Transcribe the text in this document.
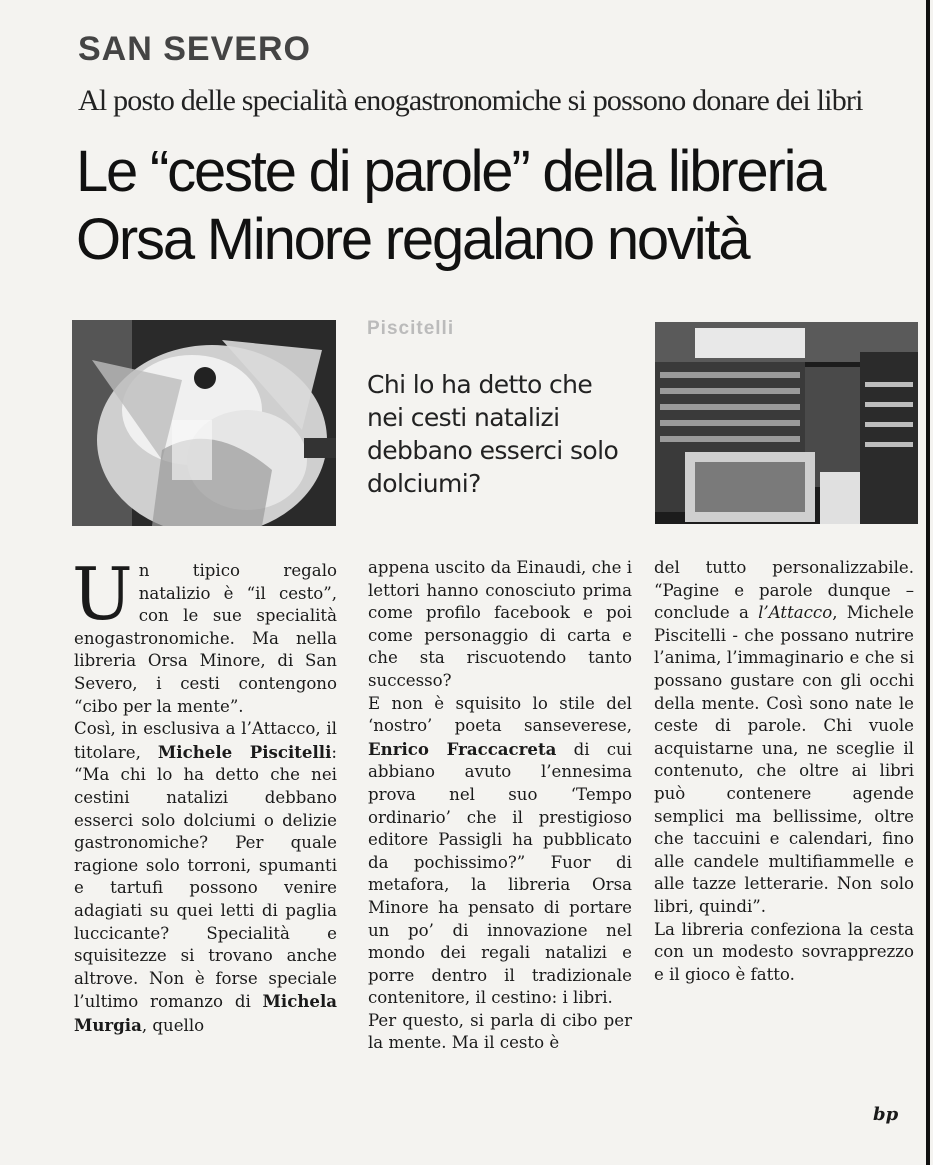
SAN SEVERO
Al posto delle specialità enogastronomiche si possono donare dei libri
Le “ceste di parole” della libreria
Orsa Minore regalano novità
Piscitelli
Chi lo ha detto che nei cesti natalizi debbano esserci solo dolciumi?

Un tipico regalo natalizio è “il cesto”, con le sue specialità enogastronomiche. Ma nella libreria Orsa Minore, di San Severo, i cesti contengono “cibo per la mente”.

Così, in esclusiva a l’Attacco, il titolare, Michele Piscitelli: “Ma chi lo ha detto che nei cestini natalizi debbano esserci solo dolciumi o delizie gastronomiche? Per quale ragione solo torroni, spumanti e tartufi possono venire adagiati su quei letti di paglia luccicante? Specialità e squisitezze si trovano anche altrove. Non è forse speciale l’ultimo romanzo di Michela Murgia, quello

appena uscito da Einaudi, che i lettori hanno conosciuto prima come profilo facebook e poi come personaggio di carta e che sta riscuotendo tanto successo?

E non è squisito lo stile del ‘nostro’ poeta sanseverese, Enrico Fraccacreta di cui abbiano avuto l’ennesima prova nel suo ‘Tempo ordinario’ che il prestigioso editore Passigli ha pubblicato da pochissimo?” Fuor di metafora, la libreria Orsa Minore ha pensato di portare un po’ di innovazione nel mondo dei regali natalizi e porre dentro il tradizionale contenitore, il cestino: i libri.

Per questo, si parla di cibo per la mente. Ma il cesto è

del tutto personalizzabile. “Pagine e parole dunque – conclude a l’Attacco, Michele Piscitelli - che possano nutrire l’anima, l’immaginario e che si possano gustare con gli occhi della mente. Così sono nate le ceste di parole. Chi vuole acquistarne una, ne sceglie il contenuto, che oltre ai libri può contenere agende semplici ma bellissime, oltre che taccuini e calendari, fino alle candele multifiammelle e alle tazze letterarie. Non solo libri, quindi”.

La libreria confeziona la cesta con un modesto sovrapprezzo e il gioco è fatto.

bp
